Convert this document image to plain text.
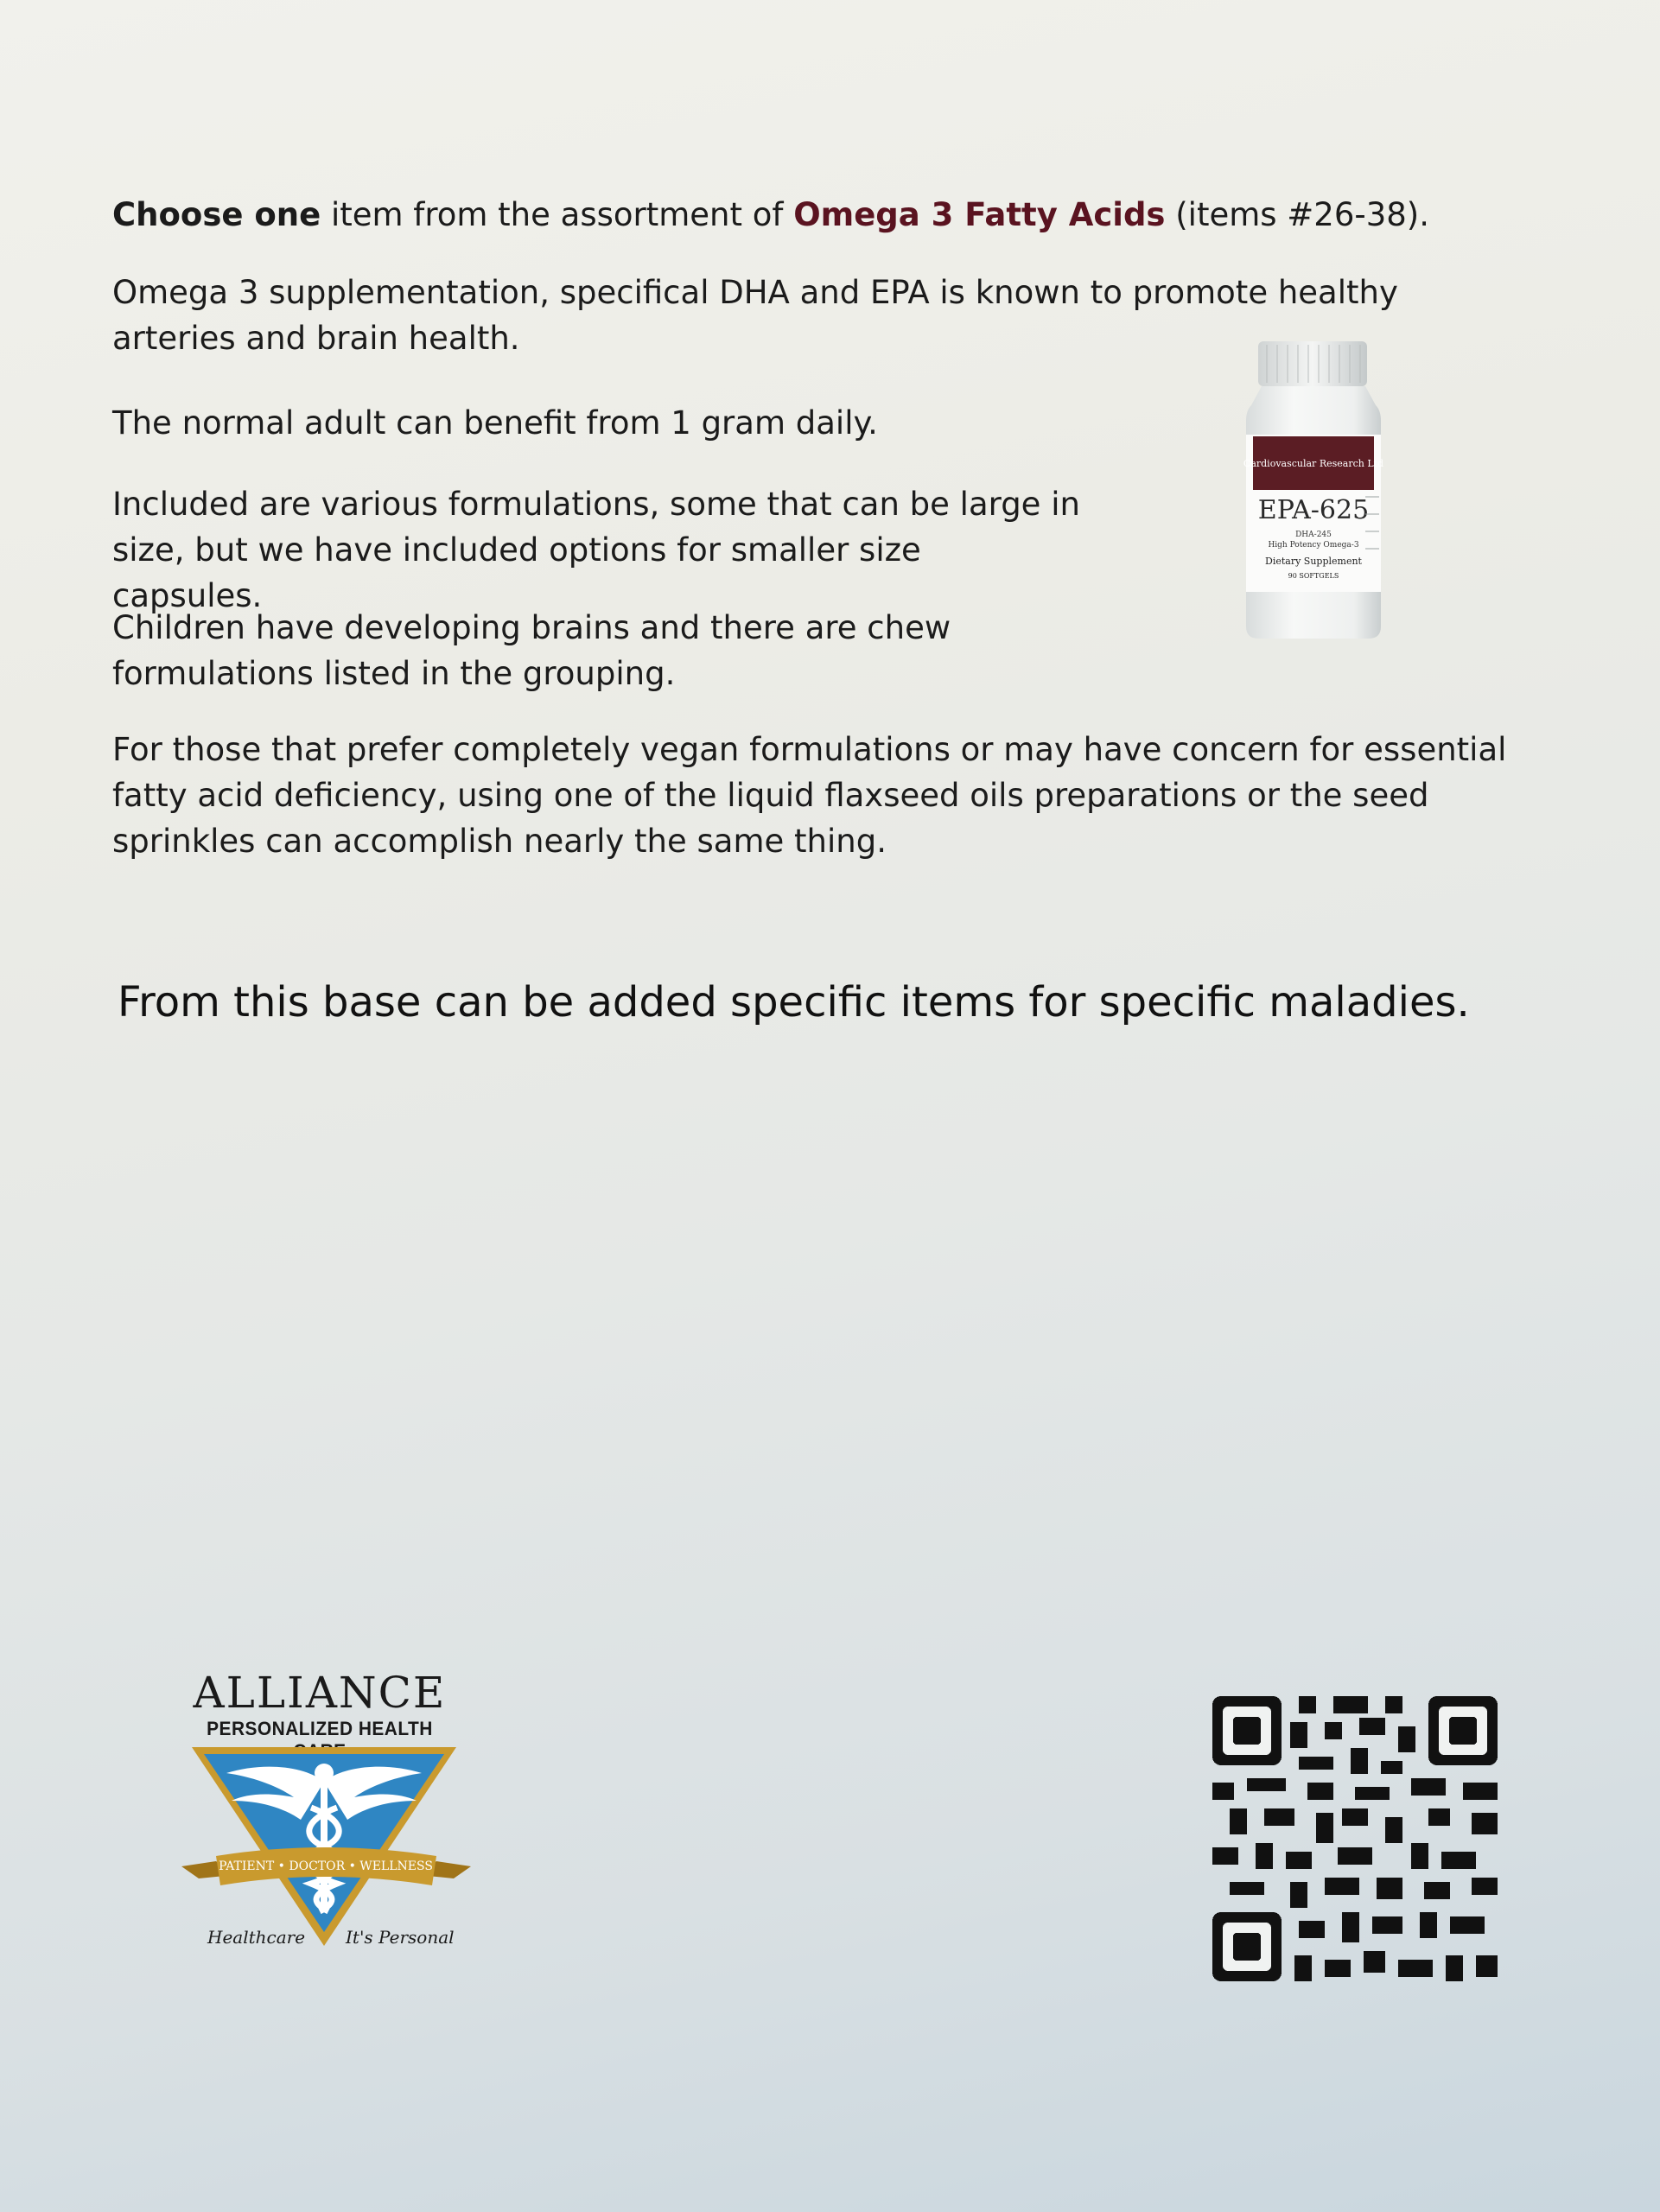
Choose one item from the assortment of Omega 3 Fatty Acids (items #26-38).

Omega 3 supplementation, specifical DHA and EPA is known to promote healthy arteries and brain health.

The normal adult can benefit from 1 gram daily.

Included are various formulations, some that can be large in size, but we have included options for smaller size capsules.

Children have developing brains and there are chew formulations listed in the grouping.

For those that prefer completely vegan formulations or may have concern for essential fatty acid deficiency, using one of the liquid flaxseed oils preparations or the seed sprinkles can accomplish nearly the same thing.

From this base can be added specific items for specific maladies.

Cardiovascular Research Ltd
EPA-625
DHA-245
High Potency Omega-3
Dietary Supplement
90 SOFTGELS
ALLIANCE
PERSONALIZED HEALTH
PATIENT • DOCTOR • WELLNESS
Healthcare It's Personal
